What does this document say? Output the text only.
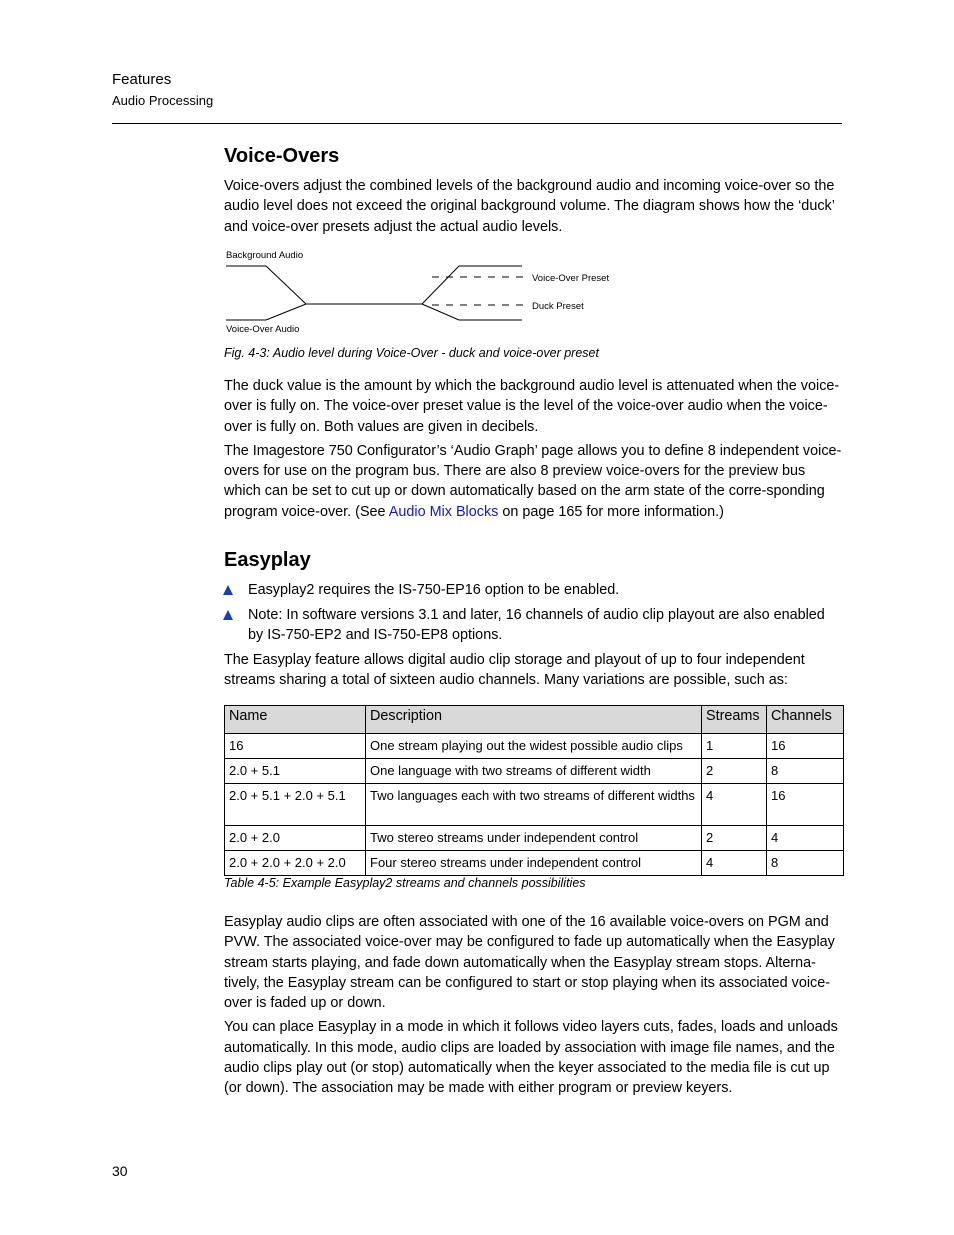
Features
Audio Processing
Voice-Overs

Voice-overs adjust the combined levels of the background audio and incoming voice-over so the audio level does not exceed the original background volume. The diagram shows how the ‘duck’ and voice-over presets adjust the actual audio levels.

Background Audio
Voice-Over Audio
Voice-Over Preset
Duck Preset
Fig. 4-3: Audio level during Voice-Over - duck and voice-over preset

The duck value is the amount by which the background audio level is attenuated when the voice-over is fully on. The voice-over preset value is the level of the voice-over audio when the voice-over is fully on. Both values are given in decibels.

The Imagestore 750 Configurator’s ‘Audio Graph’ page allows you to define 8 independent voice-overs for use on the program bus. There are also 8 preview voice-overs for the preview bus which can be set to cut up or down automatically based on the arm state of the corre-sponding program voice-over. (See Audio Mix Blocks on page 165 for more information.)

Easyplay
Easyplay2 requires the IS-750-EP16 option to be enabled.
Note: In software versions 3.1 and later, 16 channels of audio clip playout are also enabled by IS-750-EP2 and IS-750-EP8 options.

The Easyplay feature allows digital audio clip storage and playout of up to four independent streams sharing a total of sixteen audio channels. Many variations are possible, such as:

Name	Description	Streams	Channels
16	One stream playing out the widest possible audio clips	1	16
2.0 + 5.1	One language with two streams of different width	2	8
2.0 + 5.1 + 2.0 + 5.1	Two languages each with two streams of different widths	4	16
2.0 + 2.0	Two stereo streams under independent control	2	4
2.0 + 2.0 + 2.0 + 2.0	Four stereo streams under independent control	4	8
Table 4-5: Example Easyplay2 streams and channels possibilities

Easyplay audio clips are often associated with one of the 16 available voice-overs on PGM and PVW. The associated voice-over may be configured to fade up automatically when the Easyplay stream starts playing, and fade down automatically when the Easyplay stream stops. Alterna-tively, the Easyplay stream can be configured to start or stop playing when its associated voice-over is faded up or down.

You can place Easyplay in a mode in which it follows video layers cuts, fades, loads and unloads automatically. In this mode, audio clips are loaded by association with image file names, and the audio clips play out (or stop) automatically when the keyer associated to the media file is cut up (or down). The association may be made with either program or preview keyers.

30
